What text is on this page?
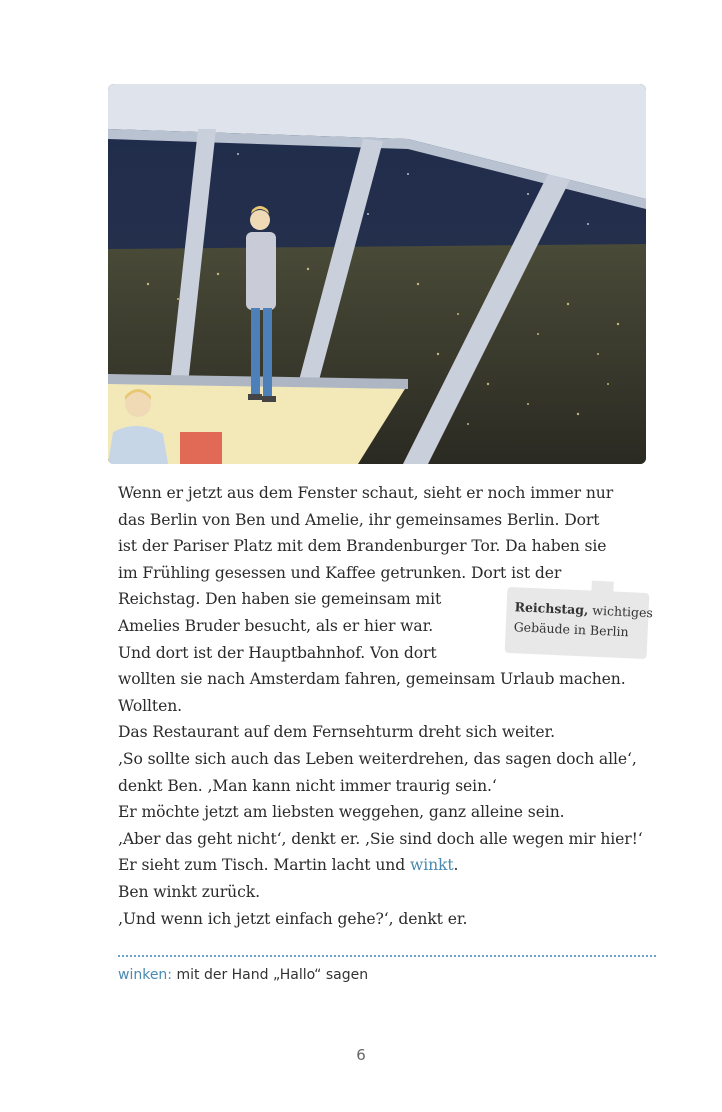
Wenn er jetzt aus dem Fenster schaut, sieht er noch immer nur

das Berlin von Ben und Amelie, ihr gemeinsames Berlin. Dort

ist der Pariser Platz mit dem Brandenburger Tor. Da haben sie

im Frühling gesessen und Kaffee getrunken. Dort ist der

Reichstag. Den haben sie gemeinsam mit

Amelies Bruder besucht, als er hier war.

Und dort ist der Hauptbahnhof. Von dort

wollten sie nach Amsterdam fahren, gemeinsam Urlaub machen.

Wollten.

Das Restaurant auf dem Fernsehturm dreht sich weiter.

‚So sollte sich auch das Leben weiterdrehen, das sagen doch alle‘,

denkt Ben. ‚Man kann nicht immer traurig sein.‘

Er möchte jetzt am liebsten weggehen, ganz alleine sein.

‚Aber das geht nicht‘, denkt er. ‚Sie sind doch alle wegen mir hier!‘

Er sieht zum Tisch. Martin lacht und winkt.

Ben winkt zurück.

‚Und wenn ich jetzt einfach gehe?‘, denkt er.

Reichstag, wichtiges
Gebäude in Berlin
winken: mit der Hand „Hallo“ sagen
6
